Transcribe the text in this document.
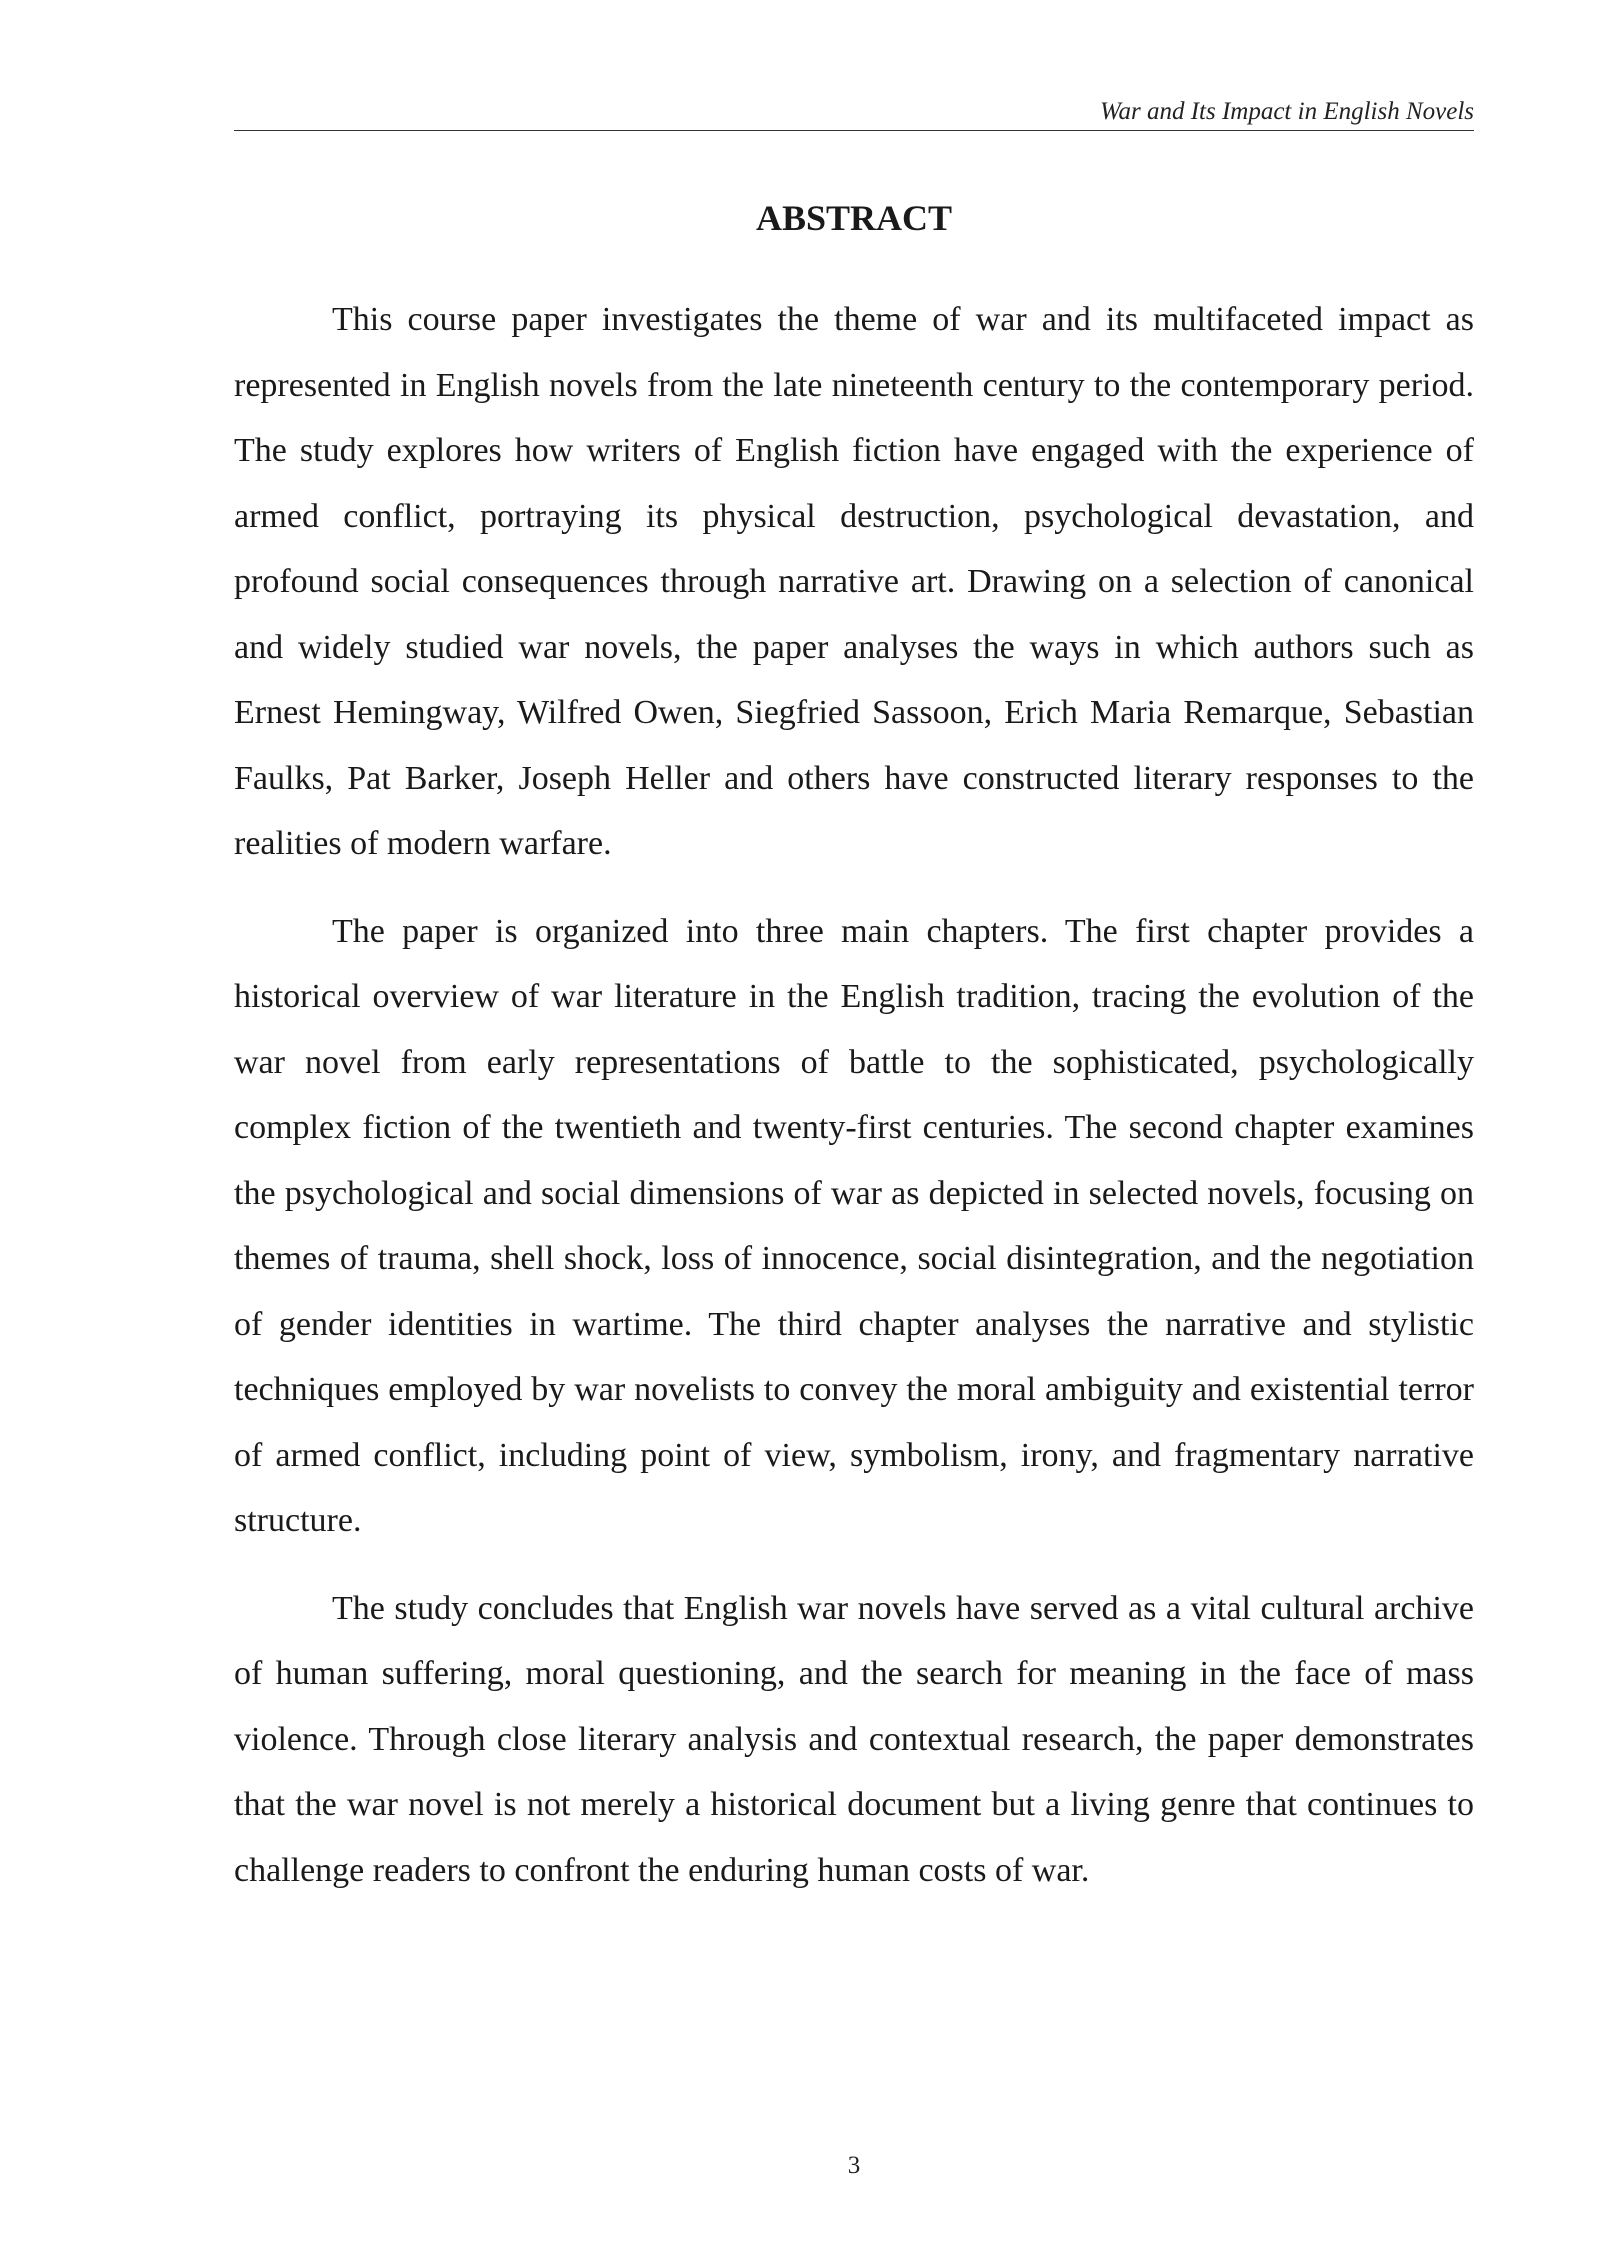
War and Its Impact in English Novels
ABSTRACT

This course paper investigates the theme of war and its multifaceted impact as represented in English novels from the late nineteenth century to the contemporary period. The study explores how writers of English fiction have engaged with the experience of armed conflict, portraying its physical destruction, psychological devastation, and profound social consequences through narrative art. Drawing on a selection of canonical and widely studied war novels, the paper analyses the ways in which authors such as Ernest Hemingway, Wilfred Owen, Siegfried Sassoon, Erich Maria Remarque, Sebastian Faulks, Pat Barker, Joseph Heller and others have constructed literary responses to the realities of modern warfare.

The paper is organized into three main chapters. The first chapter provides a historical overview of war literature in the English tradition, tracing the evolution of the war novel from early representations of battle to the sophisticated, psychologically complex fiction of the twentieth and twenty-first centuries. The second chapter examines the psychological and social dimensions of war as depicted in selected novels, focusing on themes of trauma, shell shock, loss of innocence, social disintegration, and the negotiation of gender identities in wartime. The third chapter analyses the narrative and stylistic techniques employed by war novelists to convey the moral ambiguity and existential terror of armed conflict, including point of view, symbolism, irony, and fragmentary narrative structure.

The study concludes that English war novels have served as a vital cultural archive of human suffering, moral questioning, and the search for meaning in the face of mass violence. Through close literary analysis and contextual research, the paper demonstrates that the war novel is not merely a historical document but a living genre that continues to challenge readers to confront the enduring human costs of war.

3
